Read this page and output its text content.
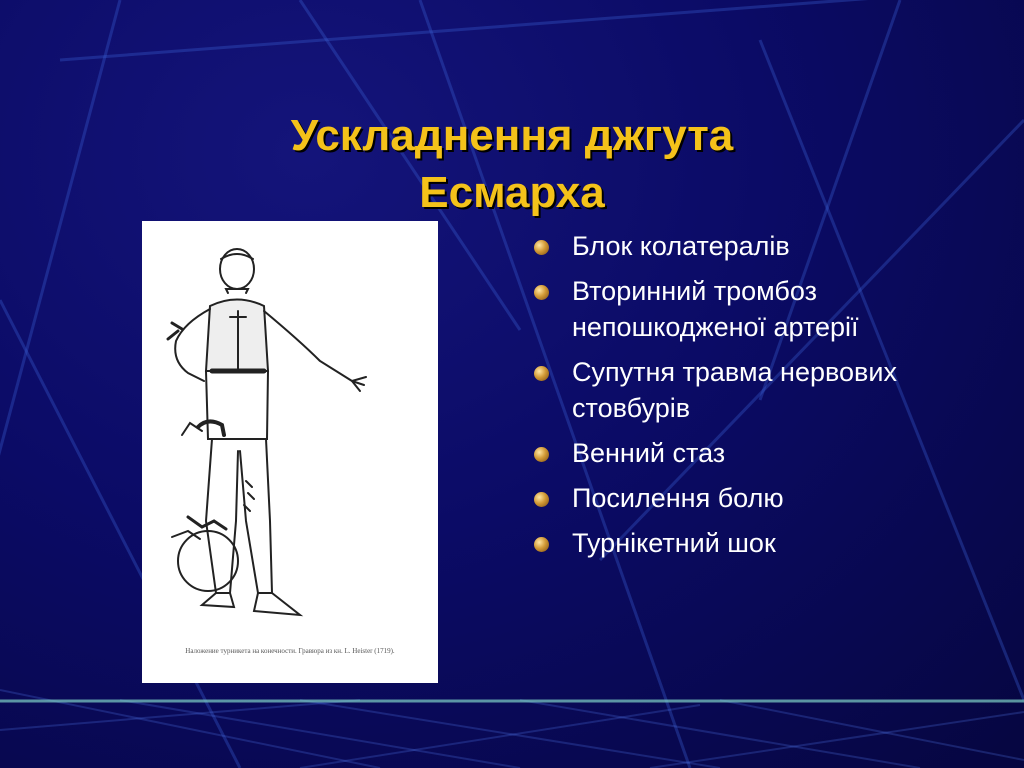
Ускладнення джгута
Есмарха
Наложение турникета на конечности. Гравюра из кн. L. Heister (1719).
Блок колатералів
Вторинний тромбоз непошкодженої артерії
Супутня травма нервових стовбурів
Венний стаз
Посилення болю
Турнікетний шок
